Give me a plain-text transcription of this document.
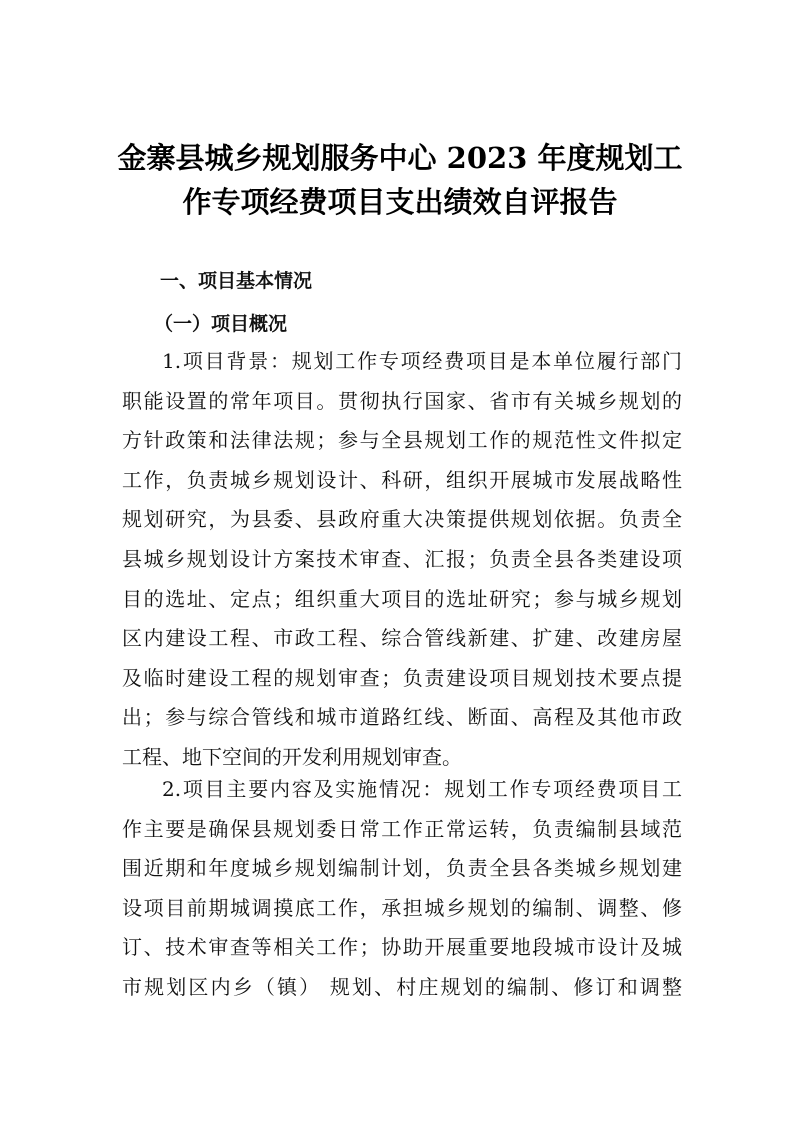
金寨县城乡规划服务中心 2023 年度规划工
作专项经费项目支出绩效自评报告
一、项目基本情况
（一）项目概况
1.项目背景：规划工作专项经费项目是本单位履行部门
职能设置的常年项目。贯彻执行国家、省市有关城乡规划的
方针政策和法律法规；参与全县规划工作的规范性文件拟定
工作，负责城乡规划设计、科研，组织开展城市发展战略性
规划研究，为县委、县政府重大决策提供规划依据。负责全
县城乡规划设计方案技术审查、汇报；负责全县各类建设项
目的选址、定点；组织重大项目的选址研究；参与城乡规划
区内建设工程、市政工程、综合管线新建、扩建、改建房屋
及临时建设工程的规划审查；负责建设项目规划技术要点提
出；参与综合管线和城市道路红线、断面、高程及其他市政
工程、地下空间的开发利用规划审查。
2.项目主要内容及实施情况：规划工作专项经费项目工
作主要是确保县规划委日常工作正常运转，负责编制县域范
围近期和年度城乡规划编制计划，负责全县各类城乡规划建
设项目前期城调摸底工作，承担城乡规划的编制、调整、修
订、技术审查等相关工作；协助开展重要地段城市设计及城
市规划区内乡（镇） 规划、村庄规划的编制、修订和调整
